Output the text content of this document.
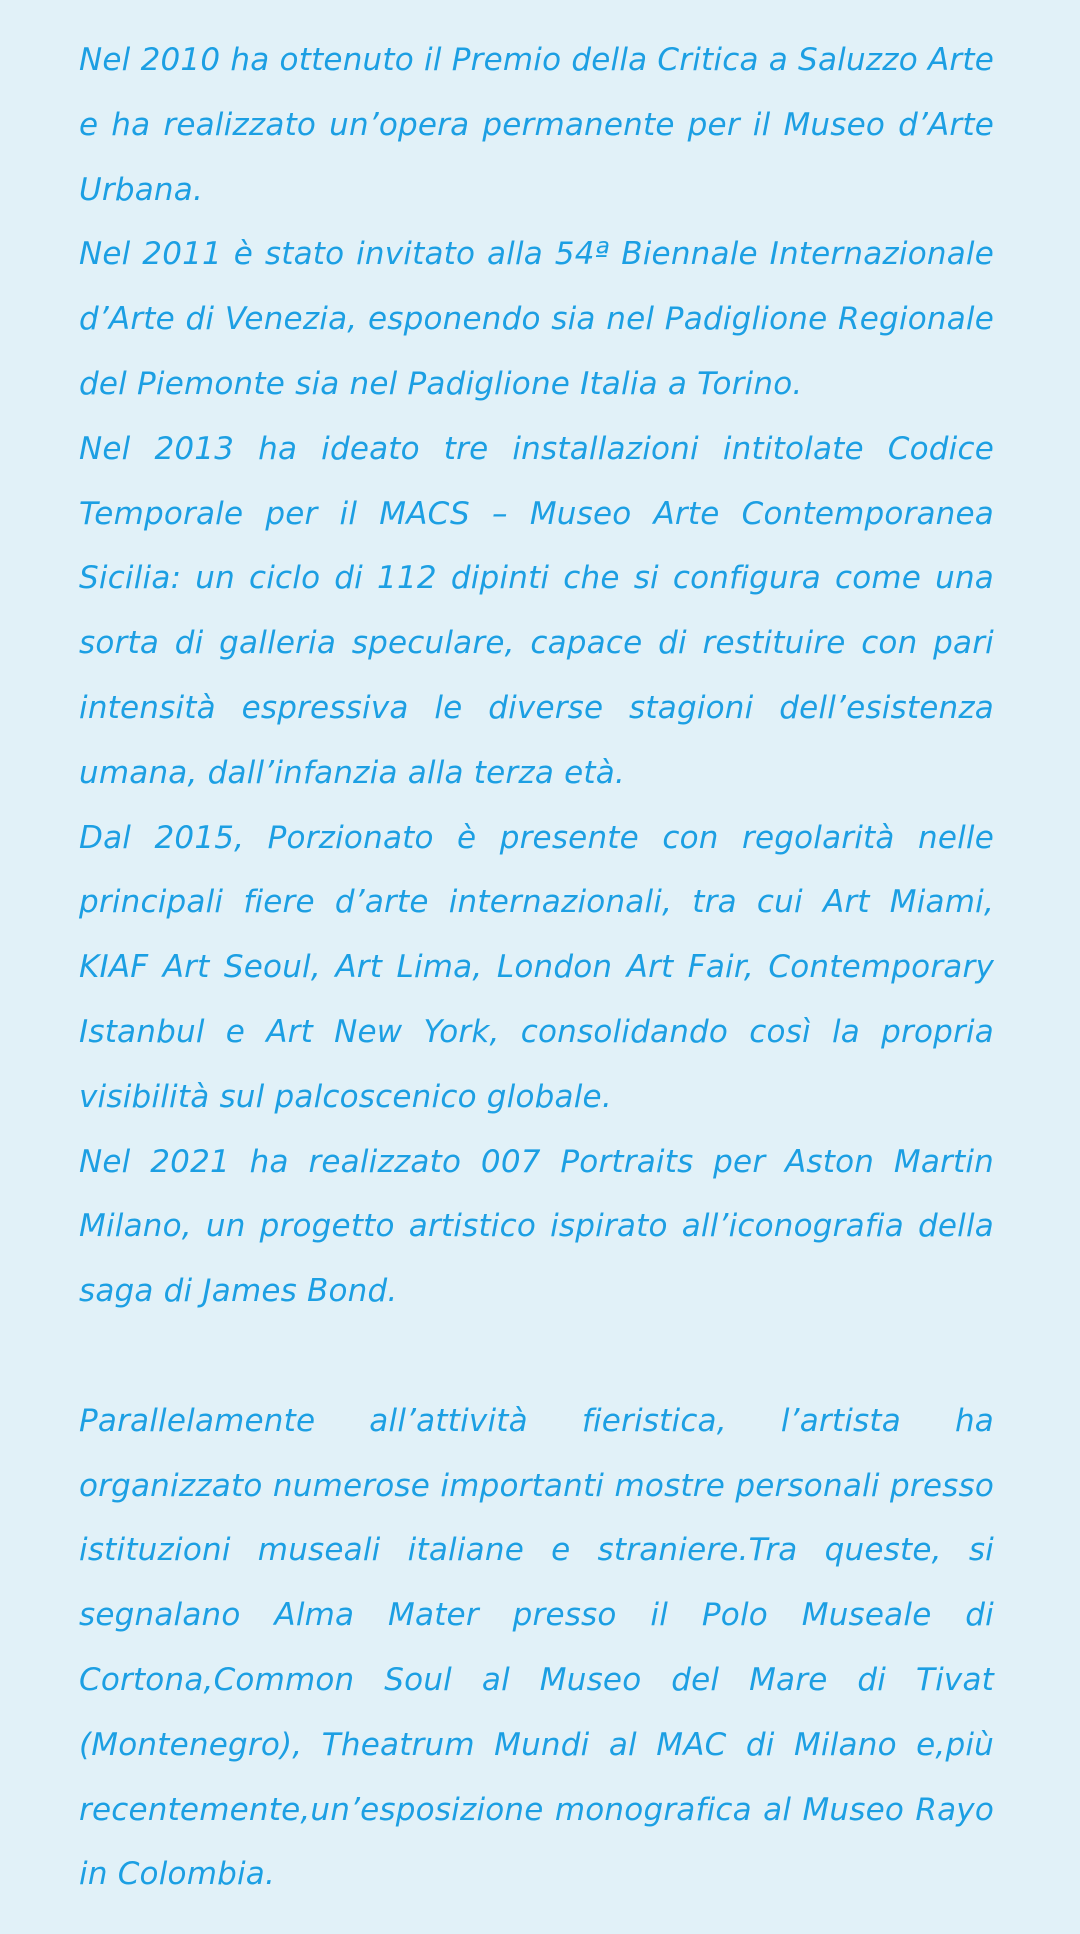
Nel 2010 ha ottenuto il Premio della Critica a Saluzzo Arte e ha realizzato un’opera permanente per il Museo d’Arte Urbana.

Nel 2011 è stato invitato alla 54ª Biennale Internazionale d’Arte di Venezia, esponendo sia nel Padiglione Regionale del Piemonte sia nel Padiglione Italia a Torino.

Nel 2013 ha ideato tre installazioni intitolate Codice Temporale per il MACS – Museo Arte Contemporanea Sicilia: un ciclo di 112 dipinti che si configura come una sorta di galleria speculare, capace di restituire con pari intensità espressiva le diverse stagioni dell’esistenza umana, dall’infanzia alla terza età.

Dal 2015, Porzionato è presente con regolarità nelle principali fiere d’arte internazionali, tra cui Art Miami, KIAF Art Seoul, Art Lima, London Art Fair, Contemporary Istanbul e Art New York, consolidando così la propria visibilità sul palcoscenico globale.

Nel 2021 ha realizzato 007 Portraits per Aston Martin Milano, un progetto artistico ispirato all’iconografia della saga di James Bond.

Parallelamente all’attività fieristica, l’artista ha organizzato numerose importanti mostre personali presso istituzioni museali italiane e straniere.Tra queste, si segnalano Alma Mater presso il Polo Museale di Cortona,Common Soul al Museo del Mare di Tivat (Montenegro), Theatrum Mundi al MAC di Milano e,più recentemente,un’esposizione monografica al Museo Rayo in Colombia.
